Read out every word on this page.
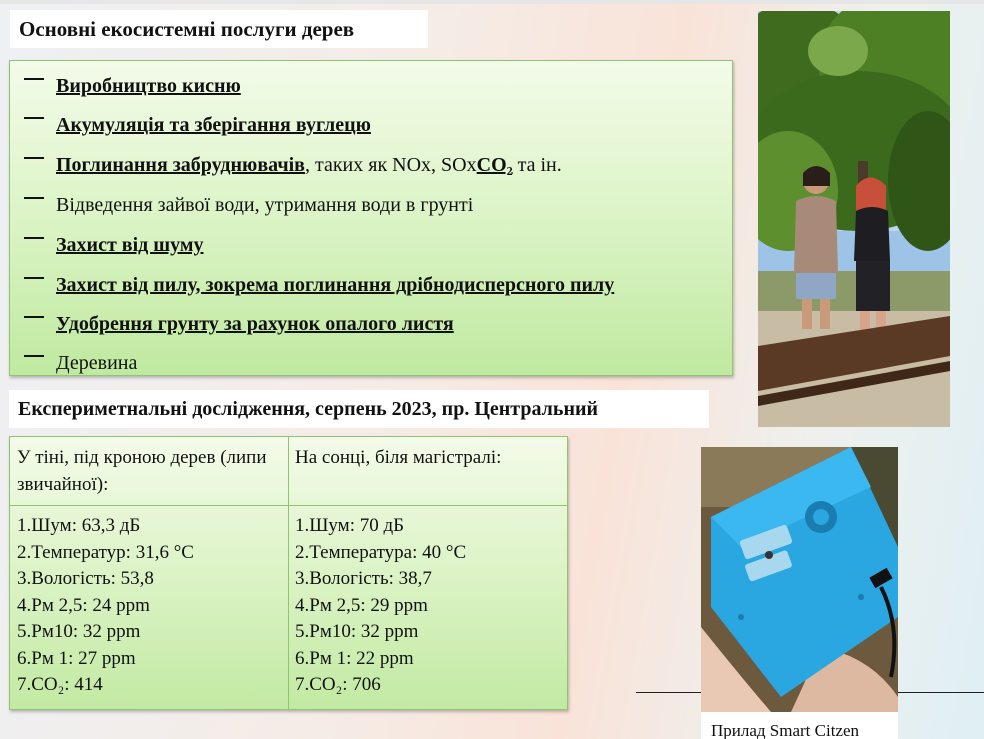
Основні екосистемні послуги дерев
Виробництво кисню
Акумуляція та зберігання вуглецю
Поглинання забруднювачів, таких як NOx, SOxCO₂ та ін.
Відведення зайвої води, утримання води в грунті
Захист від шуму
Захист від пилу, зокрема поглинання дрібнодисперсного пилу
Удобрення грунту за рахунок опалого листя
Деревина
Експериметнальні дослідження, серпень 2023, пр. Центральний
У тіні, під кроною дерев (липи звичайної):
На сонці, біля магістралі:
1.Шум: 63,3 дБ
2.Температур: 31,6 °С
3.Вологість: 53,8
4.Рм 2,5: 24 ppm
5.Рм10: 32 ppm
6.Рм 1: 27 ppm
7.СО₂: 414
1.Шум: 70 дБ
2.Температура: 40 °С
3.Вологість: 38,7
4.Рм 2,5: 29 ppm
5.Рм10: 32 ppm
6.Рм 1: 22 ppm
7.СО₂: 706
Прилад Smart Citzen
